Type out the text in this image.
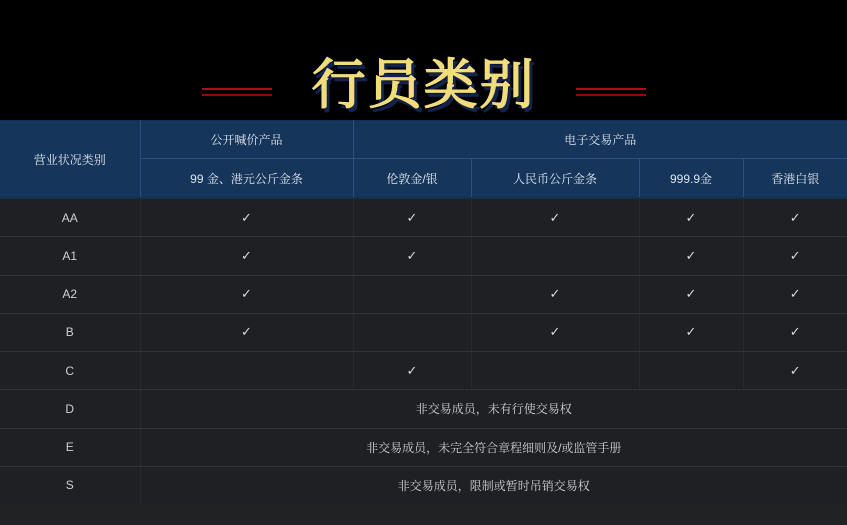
行员类别
营业状况类别	公开喊价产品	电子交易产品			
	99 金、港元公斤金条	伦敦金/银	人民币公斤金条	999.9金	香港白银
AA	✓	✓	✓	✓	✓
A1	✓	✓		✓	✓
A2	✓		✓	✓	✓
B	✓		✓	✓	✓
C		✓			✓
D	非交易成员，未有行使交易权				
E	非交易成员，未完全符合章程细则及/或监管手册				
S	非交易成员，限制或暂时吊销交易权				
